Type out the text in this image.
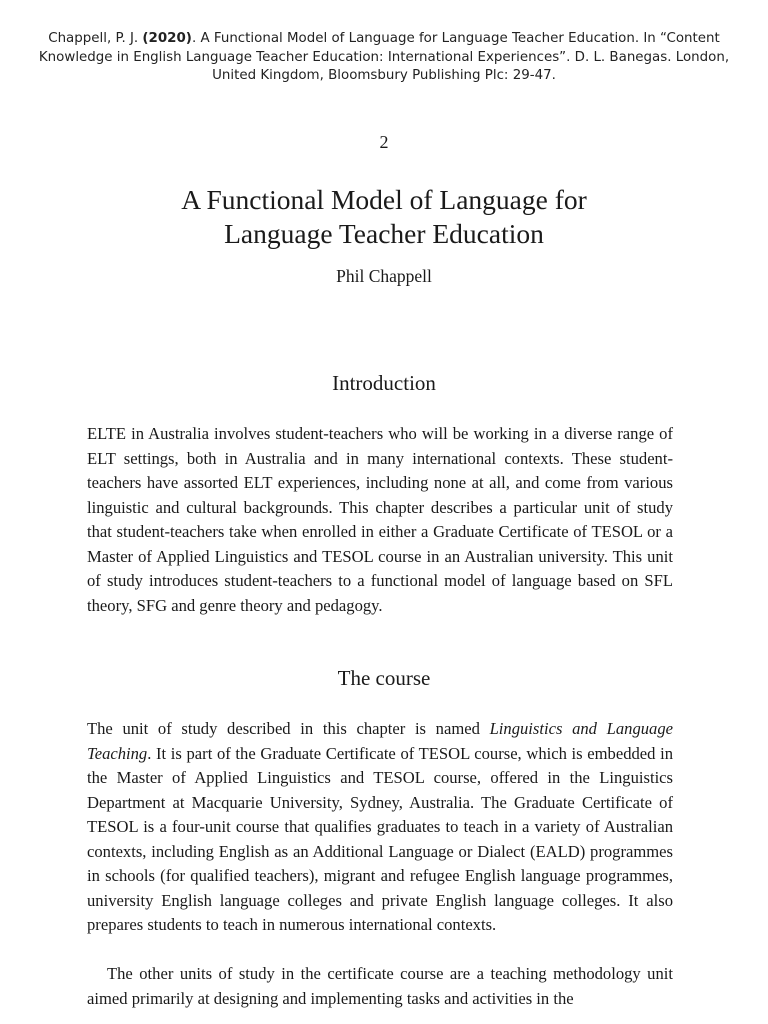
Chappell, P. J. (2020). A Functional Model of Language for Language Teacher Education. In “Content Knowledge in English Language Teacher Education: International Experiences”. D. L. Banegas. London, United Kingdom, Bloomsbury Publishing Plc: 29-47.
2
A Functional Model of Language for
Language Teacher Education
Phil Chappell
Introduction

ELTE in Australia involves student-teachers who will be working in a diverse range of ELT settings, both in Australia and in many international contexts. These student-teachers have assorted ELT experiences, including none at all, and come from various linguistic and cultural backgrounds. This chapter describes a particular unit of study that student-teachers take when enrolled in either a Graduate Certificate of TESOL or a Master of Applied Linguistics and TESOL course in an Australian university. This unit of study introduces student-teachers to a functional model of language based on SFL theory, SFG and genre theory and pedagogy.

The course

The unit of study described in this chapter is named Linguistics and Language Teaching. It is part of the Graduate Certificate of TESOL course, which is embedded in the Master of Applied Linguistics and TESOL course, offered in the Linguistics Department at Macquarie University, Sydney, Australia. The Graduate Certificate of TESOL is a four-unit course that qualifies graduates to teach in a variety of Australian contexts, including English as an Additional Language or Dialect (EALD) programmes in schools (for qualified teachers), migrant and refugee English language programmes, university English language colleges and private English language colleges. It also prepares students to teach in numerous international contexts.

The other units of study in the certificate course are a teaching methodology unit aimed primarily at designing and implementing tasks and activities in the
